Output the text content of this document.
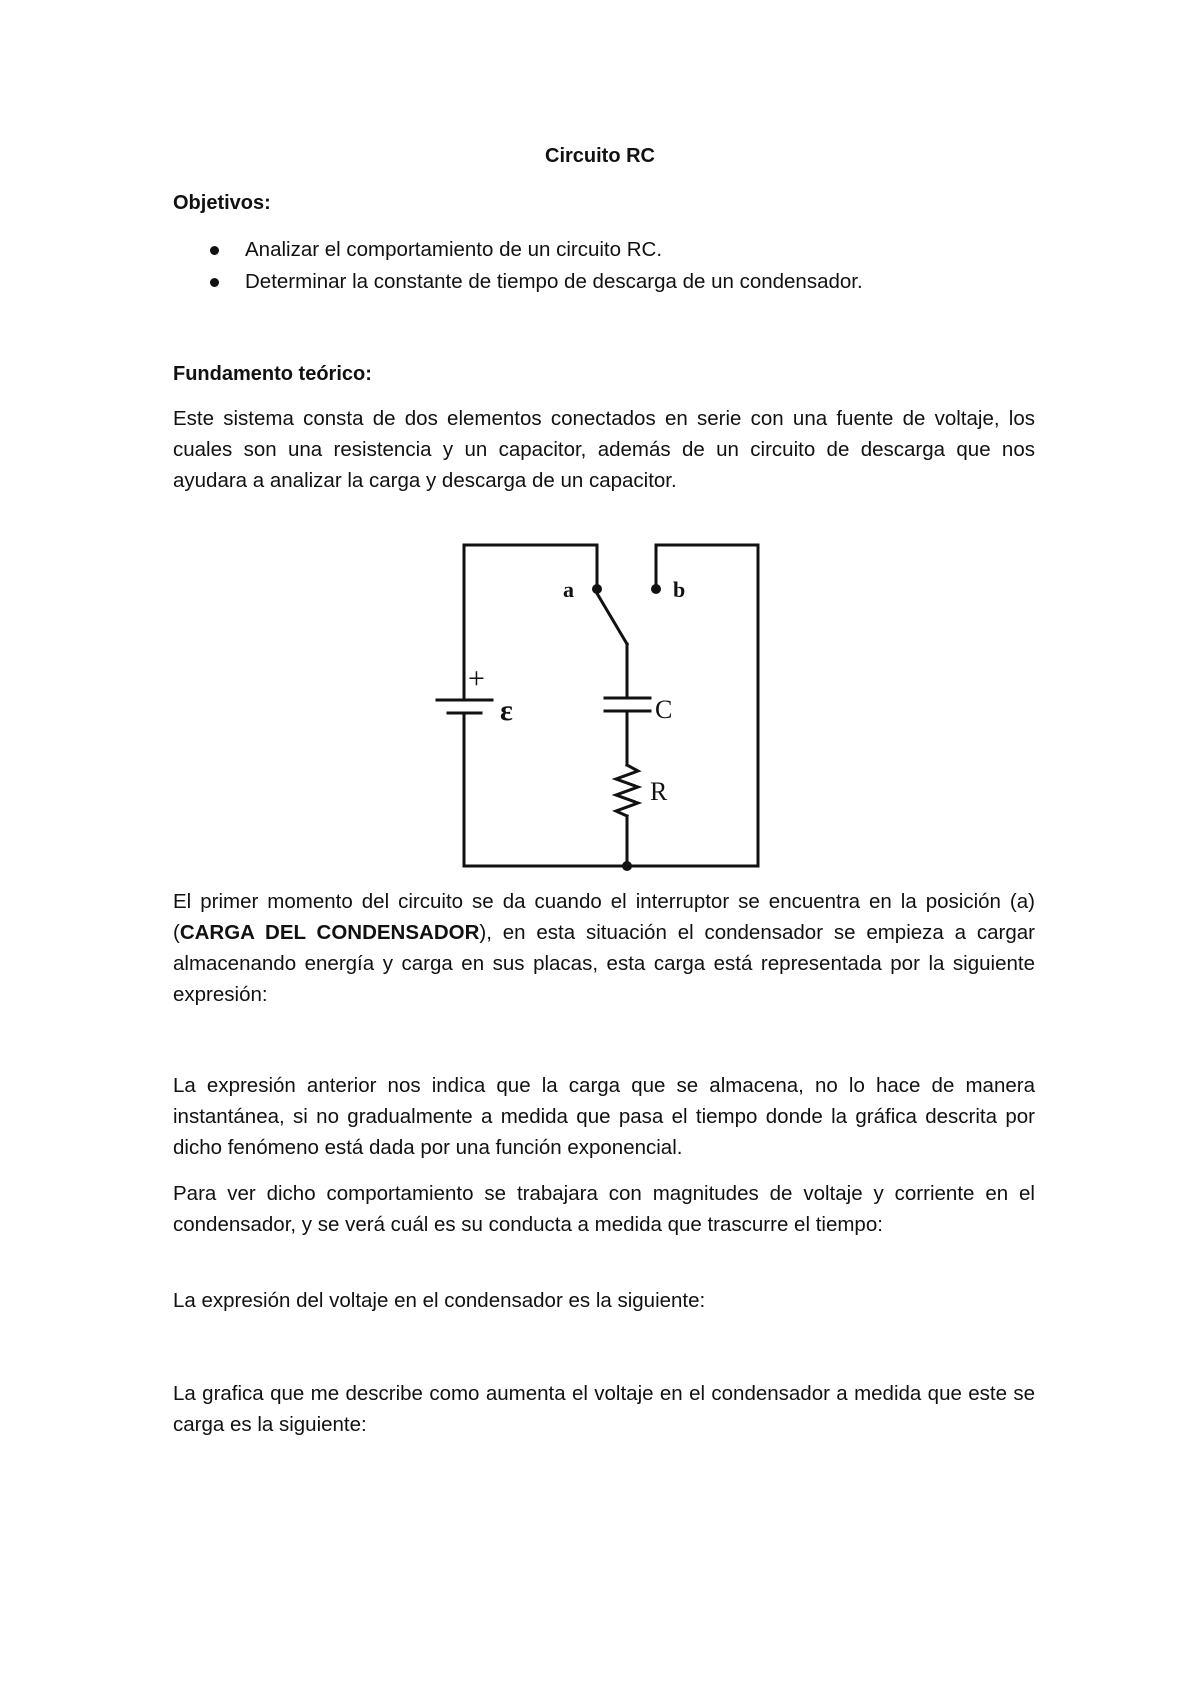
Circuito RC
Objetivos:
Analizar el comportamiento de un circuito RC.
Determinar la constante de tiempo de descarga de un condensador.
Fundamento teórico:

Este sistema consta de dos elementos conectados en serie con una fuente de voltaje, los cuales son una resistencia y un capacitor, además de un circuito de descarga que nos ayudara a analizar la carga y descarga de un capacitor.

a	b
+
ε	C
R

El primer momento del circuito se da cuando el interruptor se encuentra en la posición (a) (CARGA DEL CONDENSADOR), en esta situación el condensador se empieza a cargar almacenando energía y carga en sus placas, esta carga está representada por la siguiente expresión:

La expresión anterior nos indica que la carga que se almacena, no lo hace de manera instantánea, si no gradualmente a medida que pasa el tiempo donde la gráfica descrita por dicho fenómeno está dada por una función exponencial.

Para ver dicho comportamiento se trabajara con magnitudes de voltaje y corriente en el condensador, y se verá cuál es su conducta a medida que trascurre el tiempo:

La expresión del voltaje en el condensador es la siguiente:

La grafica que me describe como aumenta el voltaje en el condensador a medida que este se carga es la siguiente:
